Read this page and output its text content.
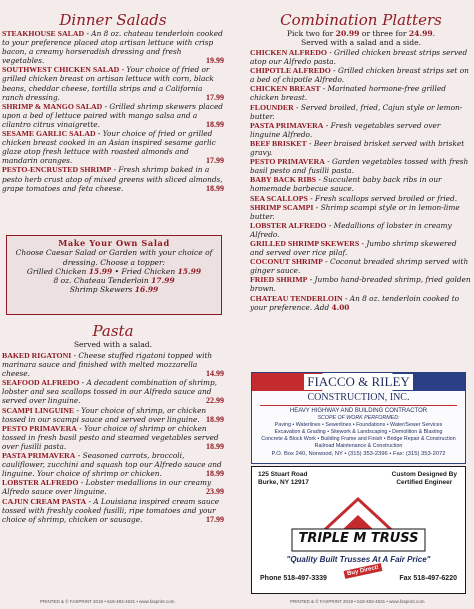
Dinner Salads
STEAKHOUSE SALAD - An 8 oz. chateau tenderloin cooked to your preference placed atop artisan lettuce with crisp bacon, a creamy horseradish dressing and fresh vegetables.	19.99
SOUTHWEST CHICKEN SALAD - Your choice of fried or grilled chicken breast on artisan lettuce with corn, black beans, cheddar cheese, tortilla strips and a California ranch dressing.	17.99
SHRIMP & MANGO SALAD - Grilled shrimp skewers placed upon a bed of lettuce paired with mango salsa and a cilantro citrus vinaigrette.	18.99
SESAME GARLIC SALAD - Your choice of fried or grilled chicken breast cooked in an Asian inspired sesame garlic glaze atop fresh lettuce with roasted almonds and mandarin oranges.	17.99
PESTO-ENCRUSTED SHRIMP - Fresh shrimp baked in a pesto herb crust atop of mixed greens with sliced almonds, grape tomatoes and feta cheese.	18.99
Make Your Own Salad
Choose Caesar Salad or Garden with your choice of dressing. Choose a topper:
Grilled Chicken 15.99 • Fried Chicken 15.99
8 oz. Chateau Tenderloin 17.99
Shrimp Skewers 16.99
Pasta
Served with a salad.
BAKED RIGATONI - Cheese stuffed rigatoni topped with marinara sauce and finished with melted mozzarella cheese.	14.99
SEAFOOD ALFREDO - A decadent combination of shrimp, lobster and sea scallops tossed in our Alfredo sauce and served over linguine.	22.99
SCAMPI LINGUINE - Your choice of shrimp, or chicken tossed in our scampi sauce and served over linguine. 18.99
PESTO PRIMAVERA - Your choice of shrimp or chicken tossed in fresh basil pesto and steamed vegetables served over fusilli pasta.	18.99
PASTA PRIMAVERA - Seasoned carrots, broccoli, cauliflower, zucchini and squash top our Alfredo sauce and linguine. Your choice of shrimp or chicken.	18.99
LOBSTER ALFREDO - Lobster medallions in our creamy Alfredo sauce over linguine.	23.99
CAJUN CREAM PASTA - A Louisiana inspired cream sauce tossed with freshly cooked fusilli, ripe tomatoes and your choice of shrimp, chicken or sausage.	17.99
Combination Platters
Pick two for 20.99 or three for 24.99.
Served with a salad and a side.
CHICKEN ALFREDO - Grilled chicken breast strips served atop our Alfredo pasta.
CHIPOTLE ALFREDO - Grilled chicken breast strips set on a bed of chipotle Alfredo.
CHICKEN BREAST - Marinated hormone-free grilled chicken breast.
FLOUNDER - Served broiled, fried, Cajun style or lemon-butter.
PASTA PRIMAVERA - Fresh vegetables served over linguine Alfredo.
BEEF BRISKET - Beer braised brisket served with brisket gravy.
PESTO PRIMAVERA - Garden vegetables tossed with fresh basil pesto and fusilli pasta.
BABY BACK RIBS - Succulent baby back ribs in our homemade barbecue sauce.
SEA SCALLOPS - Fresh scallops served broiled or fried.
SHRIMP SCAMPI - Shrimp scampi style or in lemon-lime butter.
LOBSTER ALFREDO - Medallions of lobster in creamy Alfredo.
GRILLED SHRIMP SKEWERS - Jumbo shrimp skewered and served over rice pilaf.
COCONUT SHRIMP - Coconut breaded shrimp served with ginger sauce.
FRIED SHRIMP - Jumbo hand-breaded shrimp, fried golden brown.
CHATEAU TENDERLOIN - An 8 oz. tenderloin cooked to your preference. Add 4.00
FIACCO & RILEY
CONSTRUCTION, INC.
HEAVY HIGHWAY AND BUILDING CONTRACTOR
SCOPE OF WORK PERFORMED:
Paving • Waterlines • Sewerlines • Foundations • Water/Sewer Services
Excavation & Grading • Sitework & Landscaping • Demolition & Blasting
Concrete & Block Work • Building Frame and Finish • Bridge Repair & Construction
Railroad Maintenance & Construction
P.O. Box 240, Norwood, NY • (315) 353-2396 • Fax: (315) 353-2072
125 Stuart Road
Burke, NY 12917
Custom Designed By
Certified Engineer
TRIPLE M TRUSS
"Quality Built Trusses At A Fair Price"
Phone 518-497-3339
Buy Direct!
Fax 518-497-6220
PRINTED & © FASPRINT 2019 • 518-483-4631 • www.fasprint.com	PRINTED & © FASPRINT 2019 • 518-483-4631 • www.fasprint.com
